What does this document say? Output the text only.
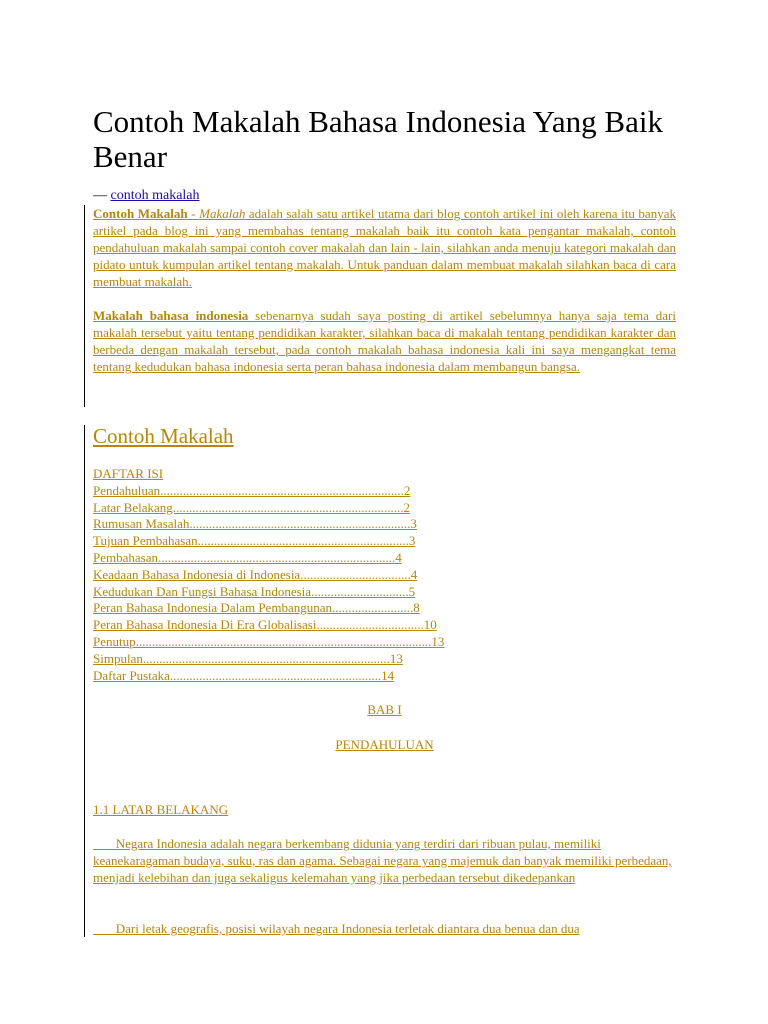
Contoh Makalah Bahasa Indonesia Yang Baik Benar
— contoh makalah

Contoh Makalah - Makalah adalah salah satu artikel utama dari blog contoh artikel ini oleh karena itu banyak artikel pada blog ini yang membahas tentang makalah baik itu contoh kata pengantar makalah, contoh pendahuluan makalah sampai contoh cover makalah dan lain - lain, silahkan anda menuju kategori makalah dan pidato untuk kumpulan artikel tentang makalah. Untuk panduan dalam membuat makalah silahkan baca di cara membuat makalah.

Makalah bahasa indonesia sebenarnya sudah saya posting di artikel sebelumnya hanya saja tema dari makalah tersebut yaitu tentang pendidikan karakter, silahkan baca di makalah tentang pendidikan karakter dan berbeda dengan makalah tersebut, pada contoh makalah bahasa indonesia kali ini saya mengangkat tema tentang kedudukan bahasa indonesia serta peran bahasa indonesia dalam membangun bangsa.

Contoh Makalah
DAFTAR ISI
Pendahuluan...........................................................................2
Latar Belakang.......................................................................2
Rumusan Masalah....................................................................3
Tujuan Pembahasan.................................................................3
Pembahasan.........................................................................4
Keadaan Bahasa Indonesia di Indonesia..................................4
Kedudukan Dan Fungsi Bahasa Indonesia..............................5
Peran Bahasa Indonesia Dalam Pembangunan.........................8
Peran Bahasa Indonesia Di Era Globalisasi.................................10
Penutup...........................................................................................13
Simpulan............................................................................13
Daftar Pustaka.................................................................14
BAB I
PENDAHULUAN
1.1 LATAR BELAKANG
Negara Indonesia adalah negara berkembang didunia yang terdiri dari ribuan pulau, memiliki keanekaragaman budaya, suku, ras dan agama. Sebagai negara yang majemuk dan banyak memiliki perbedaan, menjadi kelebihan dan juga sekaligus kelemahan yang jika perbedaan tersebut dikedepankan
Dari letak geografis, posisi wilayah negara Indonesia terletak diantara dua benua dan dua
